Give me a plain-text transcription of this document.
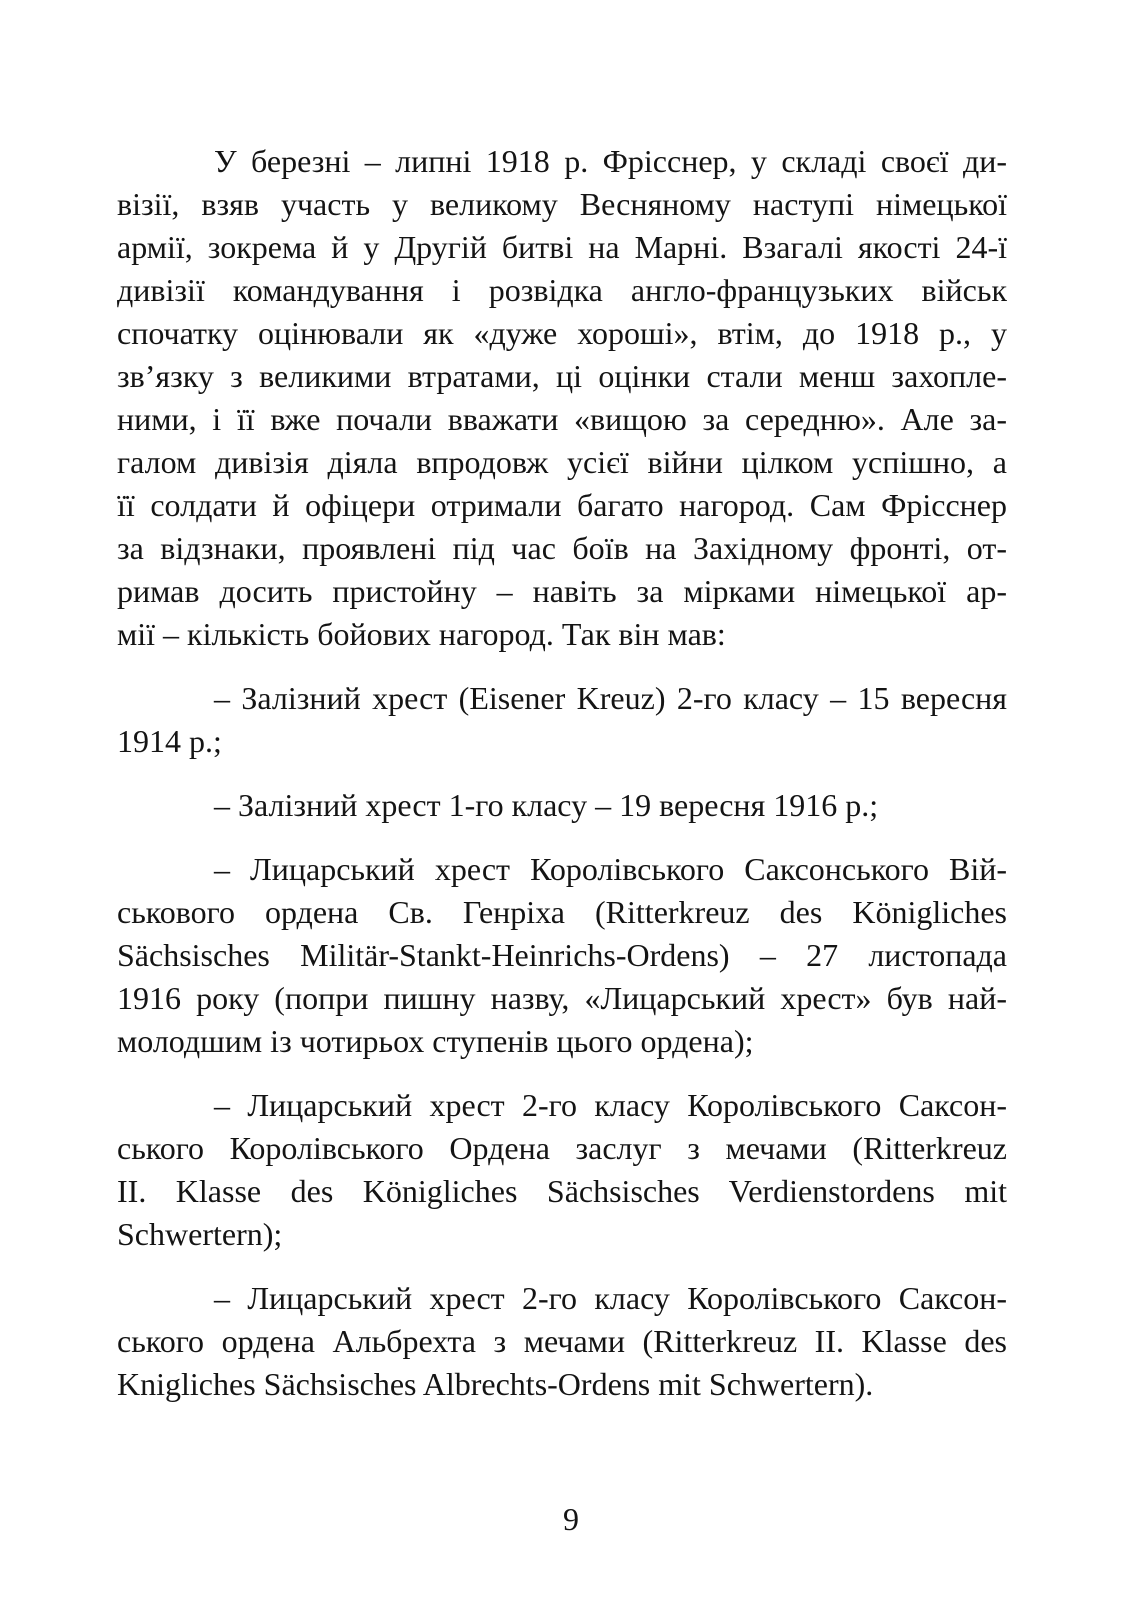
У березні – липні 1918 р. Фрісснер, у складі своєї ди-
візії, взяв участь у великому Весняному наступі німецької
армії, зокрема й у Другій битві на Марні. Взагалі якості 24-ї
дивізії командування і розвідка англо-французьких військ
спочатку оцінювали як «дуже хороші», втім, до 1918 р., у
зв’язку з великими втратами, ці оцінки стали менш захопле-
ними, і її вже почали вважати «вищою за середню». Але за-
галом дивізія діяла впродовж усієї війни цілком успішно, а
її солдати й офіцери отримали багато нагород. Сам Фрісснер
за відзнаки, проявлені під час боїв на Західному фронті, от-
римав досить пристойну – навіть за мірками німецької ар-
мії – кількість бойових нагород. Так він мав:
– Залізний хрест (Eisener Kreuz) 2-го класу – 15 вересня
1914 р.;
– Залізний хрест 1-го класу – 19 вересня 1916 р.;
– Лицарський хрест Королівського Саксонського Вій-
ськового ордена Св. Генріха (Ritterkreuz des Königliches
Sächsisches Militär-Stankt-Heinrichs-Ordens) – 27 листопада
1916 року (попри пишну назву, «Лицарський хрест» був най-
молодшим із чотирьох ступенів цього ордена);
– Лицарський хрест 2-го класу Королівського Саксон-
ського Королівського Ордена заслуг з мечами (Ritterkreuz
II. Klasse des Königliches Sächsisches Verdienstordens mit
Schwertern);
– Лицарський хрест 2-го класу Королівського Саксон-
ського ордена Альбрехта з мечами (Ritterkreuz II. Klasse des
Knigliches Sächsisches Albrechts-Ordens mit Schwertern).
9
